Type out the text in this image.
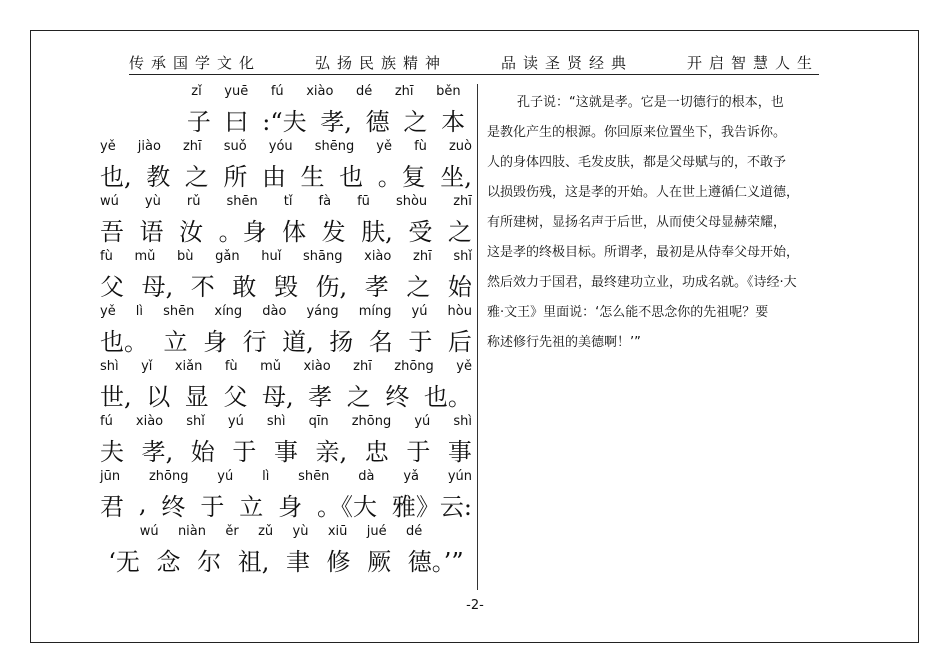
传承国学文化	弘扬民族精神	品读圣贤经典	开启智慧人生
zǐ yuē fú xiào dé zhī běn
子 曰 :“夫 孝, 德 之 本
yě jiào zhī suǒ yóu shēng yě fù zuò
也, 教 之 所 由 生 也 。复 坐,
wú yù rǔ shēn tǐ fà fū shòu zhī
吾 语 汝 。身 体 发 肤, 受 之
fù mǔ bù gǎn huǐ shāng xiào zhī shǐ
父 母, 不 敢 毁 伤, 孝 之 始
yě lì shēn xíng dào yáng míng yú hòu
也。 立 身 行 道, 扬 名 于 后
shì yǐ xiǎn fù mǔ xiào zhī zhōng yě
世, 以 显 父 母, 孝 之 终 也。
fú xiào shǐ yú shì qīn zhōng yú shì
夫 孝, 始 于 事 亲, 忠 于 事
jūn zhōng yú lì shēn dà yǎ yún
君 , 终 于 立 身 。《大 雅》云:
wú niàn ěr zǔ yù xiū jué dé
‘无 念 尔 祖, 聿 修 厥 德。’”
孔子说：“这就是孝。它是一切德行的根本，也
是教化产生的根源。你回原来位置坐下，我告诉你。
人的身体四肢、毛发皮肤，都是父母赋与的，不敢予
以损毁伤残，这是孝的开始。人在世上遵循仁义道德，
有所建树，显扬名声于后世，从而使父母显赫荣耀，
这是孝的终极目标。所谓孝，最初是从侍奉父母开始，
然后效力于国君，最终建功立业，功成名就。《诗经·大
雅·文王》里面说：‘怎么能不思念你的先祖呢？要
称述修行先祖的美德啊！’”
-2-
